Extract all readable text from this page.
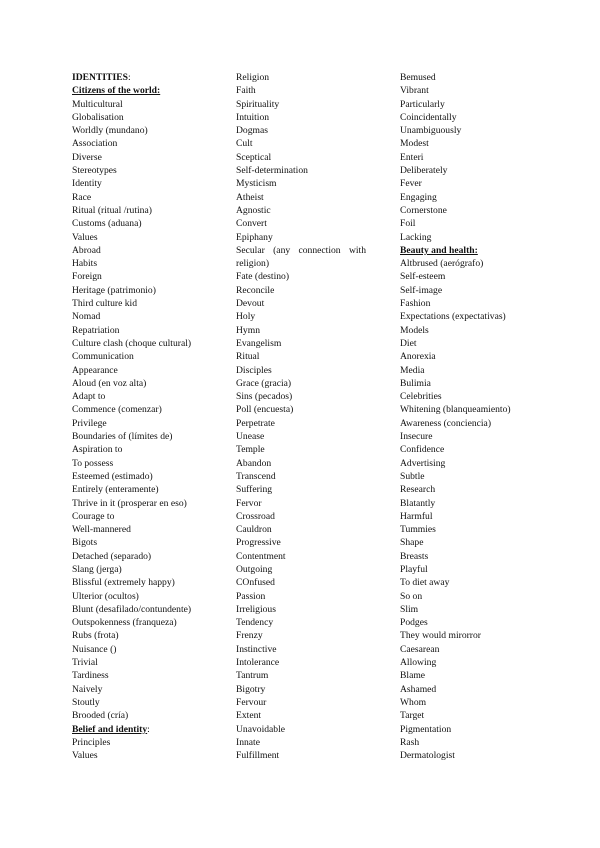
IDENTITIES:
Citizens of the world:
Multicultural
Globalisation
Worldly (mundano)
Association
Diverse
Stereotypes
Identity
Race
Ritual (ritual /rutina)
Customs (aduana)
Values
Abroad
Habits
Foreign
Heritage (patrimonio)
Third culture kid
Nomad
Repatriation
Culture clash (choque cultural)
Communication
Appearance
Aloud (en voz alta)
Adapt to
Commence (comenzar)
Privilege
Boundaries of (límites de)
Aspiration to
To possess
Esteemed (estimado)
Entirely (enteramente)
Thrive in it (prosperar en eso)
Courage to
Well-mannered
Bigots
Detached (separado)
Slang (jerga)
Blissful (extremely happy)
Ulterior (ocultos)
Blunt (desafilado/contundente)
Outspokenness (franqueza)
Rubs (frota)
Nuisance ()
Trivial
Tardiness
Naively
Stoutly
Brooded (cría)
Belief and identity:
Principles
Values
Religion
Faith
Spirituality
Intuition
Dogmas
Cult
Sceptical
Self-determination
Mysticism
Atheist
Agnostic
Convert
Epiphany
Secular (any connection with
religion)
Fate (destino)
Reconcile
Devout
Holy
Hymn
Evangelism
Ritual
Disciples
Grace (gracia)
Sins (pecados)
Poll (encuesta)
Perpetrate
Unease
Temple
Abandon
Transcend
Suffering
Fervor
Crossroad
Cauldron
Progressive
Contentment
Outgoing
COnfused
Passion
Irreligious
Tendency
Frenzy
Instinctive
Intolerance
Tantrum
Bigotry
Fervour
Extent
Unavoidable
Innate
Fulfillment
Bemused
Vibrant
Particularly
Coincidentally
Unambiguously
Modest
Enteri
Deliberately
Fever
Engaging
Cornerstone
Foil
Lacking
Beauty and health:
Altbrused (aerógrafo)
Self-esteem
Self-image
Fashion
Expectations (expectativas)
Models
Diet
Anorexia
Media
Bulimia
Celebrities
Whitening (blanqueamiento)
Awareness (conciencia)
Insecure
Confidence
Advertising
Subtle
Research
Blatantly
Harmful
Tummies
Shape
Breasts
Playful
To diet away
So on
Slim
Podges
They would mirorror
Caesarean
Allowing
Blame
Ashamed
Whom
Target
Pigmentation
Rash
Dermatologist
